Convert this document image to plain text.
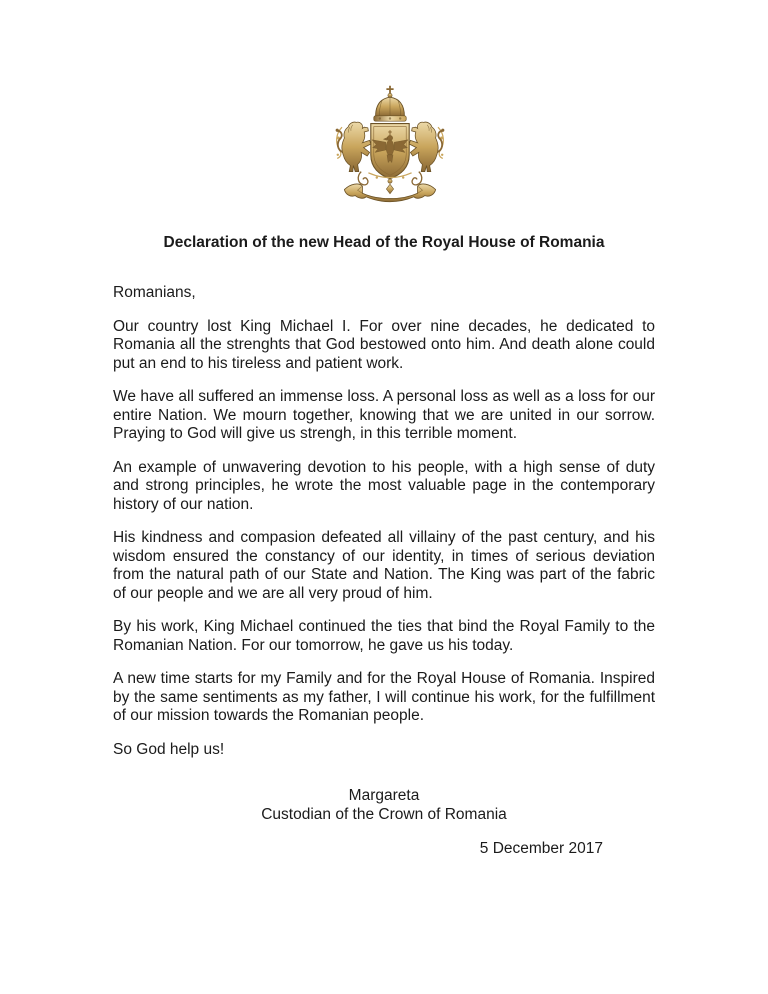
Declaration of the new Head of the Royal House of Romania

Romanians,

Our country lost King Michael I. For over nine decades, he dedicated to Romania all the strenghts that God bestowed onto him. And death alone could put an end to his tireless and patient work.

We have all suffered an immense loss. A personal loss as well as a loss for our entire Nation. We mourn together, knowing that we are united in our sorrow. Praying to God will give us strengh, in this terrible moment.

An example of unwavering devotion to his people, with a high sense of duty and strong principles, he wrote the most valuable page in the contemporary history of our nation.

His kindness and compasion defeated all villainy of the past century, and his wisdom ensured the constancy of our identity, in times of serious deviation from the natural path of our State and Nation. The King was part of the fabric of our people and we are all very proud of him.

By his work, King Michael continued the ties that bind the Royal Family to the Romanian Nation. For our tomorrow, he gave us his today.

A new time starts for my Family and for the Royal House of Romania. Inspired by the same sentiments as my father, I will continue his work, for the fulfillment of our mission towards the Romanian people.

So God help us!

Margareta
Custodian of the Crown of Romania
5 December 2017
